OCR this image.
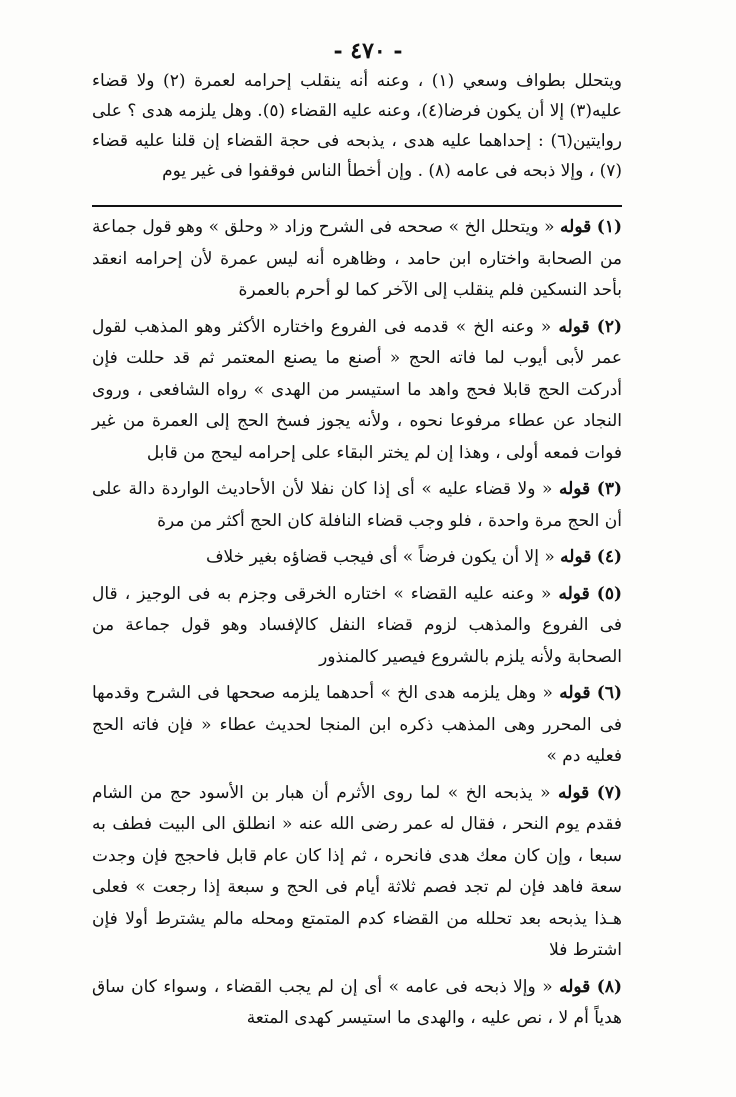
- ٤٧٠ -
ويتحلل بطواف وسعي (١) ، وعنه أنه ينقلب إحرامه لعمرة (٢) ولا قضاء عليه(٣) إلا أن يكون فرضا(٤)، وعنه عليه القضاء (٥). وهل يلزمه هدى ؟ على روايتين(٦) : إحداهما عليه هدى ، يذبحه فى حجة القضاء إن قلنا عليه قضاء (٧) ، وإلا ذبحه فى عامه (٨) . وإن أخطأ الناس فوقفوا فى غير يوم
(١) قوله « ويتحلل الخ » صححه فى الشرح وزاد « وحلق » وهو قول جماعة من الصحابة واختاره ابن حامد ، وظاهره أنه ليس عمرة لأن إحرامه انعقد بأحد النسكين فلم ينقلب إلى الآخر كما لو أحرم بالعمرة
(٢) قوله « وعنه الخ » قدمه فى الفروع واختاره الأكثر وهو المذهب لقول عمر لأبى أيوب لما فاته الحج « أصنع ما يصنع المعتمر ثم قد حللت فإن أدركت الحج قابلا فحج واهد ما استيسر من الهدى » رواه الشافعى ، وروى النجاد عن عطاء مرفوعا نحوه ، ولأنه يجوز فسخ الحج إلى العمرة من غير فوات فمعه أولى ، وهذا إن لم يختر البقاء على إحرامه ليحج من قابل
(٣) قوله « ولا قضاء عليه » أى إذا كان نفلا لأن الأحاديث الواردة دالة على أن الحج مرة واحدة ، فلو وجب قضاء النافلة كان الحج أكثر من مرة
(٤) قوله « إلا أن يكون فرضاً » أى فيجب قضاؤه بغير خلاف
(٥) قوله « وعنه عليه القضاء » اختاره الخرقى وجزم به فى الوجيز ، قال فى الفروع والمذهب لزوم قضاء النفل كالإفساد وهو قول جماعة من الصحابة ولأنه يلزم بالشروع فيصير كالمنذور
(٦) قوله « وهل يلزمه هدى الخ » أحدهما يلزمه صححها فى الشرح وقدمها فى المحرر وهى المذهب ذكره ابن المنجا لحديث عطاء « فإن فاته الحج فعليه دم »
(٧) قوله « يذبحه الخ » لما روى الأثرم أن هبار بن الأسود حج من الشام فقدم يوم النحر ، فقال له عمر رضى الله عنه « انطلق الى البيت فطف به سبعا ، وإن كان معك هدى فانحره ، ثم إذا كان عام قابل فاحجج فإن وجدت سعة فاهد فإن لم تجد فصم ثلاثة أيام فى الحج و سبعة إذا رجعت » فعلى هـذا يذبحه بعد تحلله من القضاء كدم المتمتع ومحله مالم يشترط أولا فإن اشترط فلا
(٨) قوله « وإلا ذبحه فى عامه » أى إن لم يجب القضاء ، وسواء كان ساق هدياً أم لا ، نص عليه ، والهدى ما استيسر كهدى المتعة
